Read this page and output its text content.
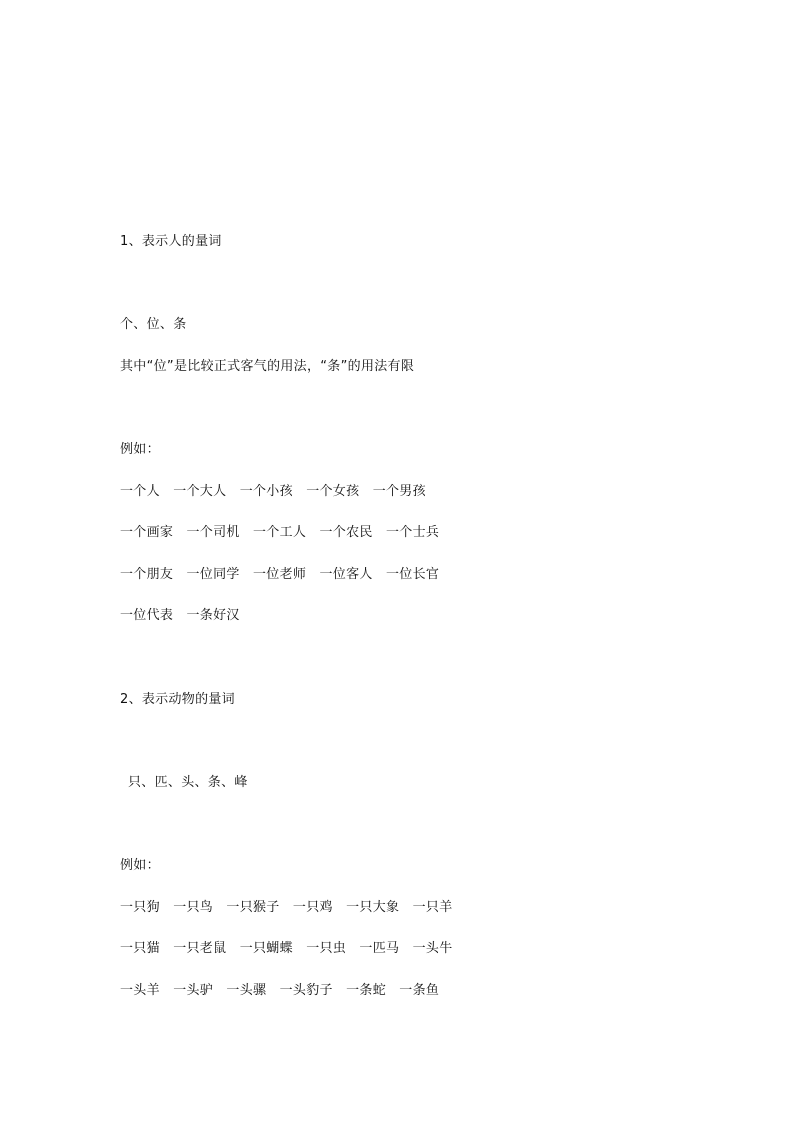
1、表示人的量词
个、位、条
其中“位”是比较正式客气的用法，“条”的用法有限
例如：
一个人　一个大人　一个小孩　一个女孩　一个男孩
一个画家　一个司机　一个工人　一个农民　一个士兵
一个朋友　一位同学　一位老师　一位客人　一位长官
一位代表　一条好汉
2、表示动物的量词
只、匹、头、条、峰
例如：
一只狗　一只鸟　一只猴子　一只鸡　一只大象　一只羊
一只猫　一只老鼠　一只蝴蝶　一只虫　一匹马　一头牛
一头羊　一头驴　一头骡　一头豹子　一条蛇　一条鱼
